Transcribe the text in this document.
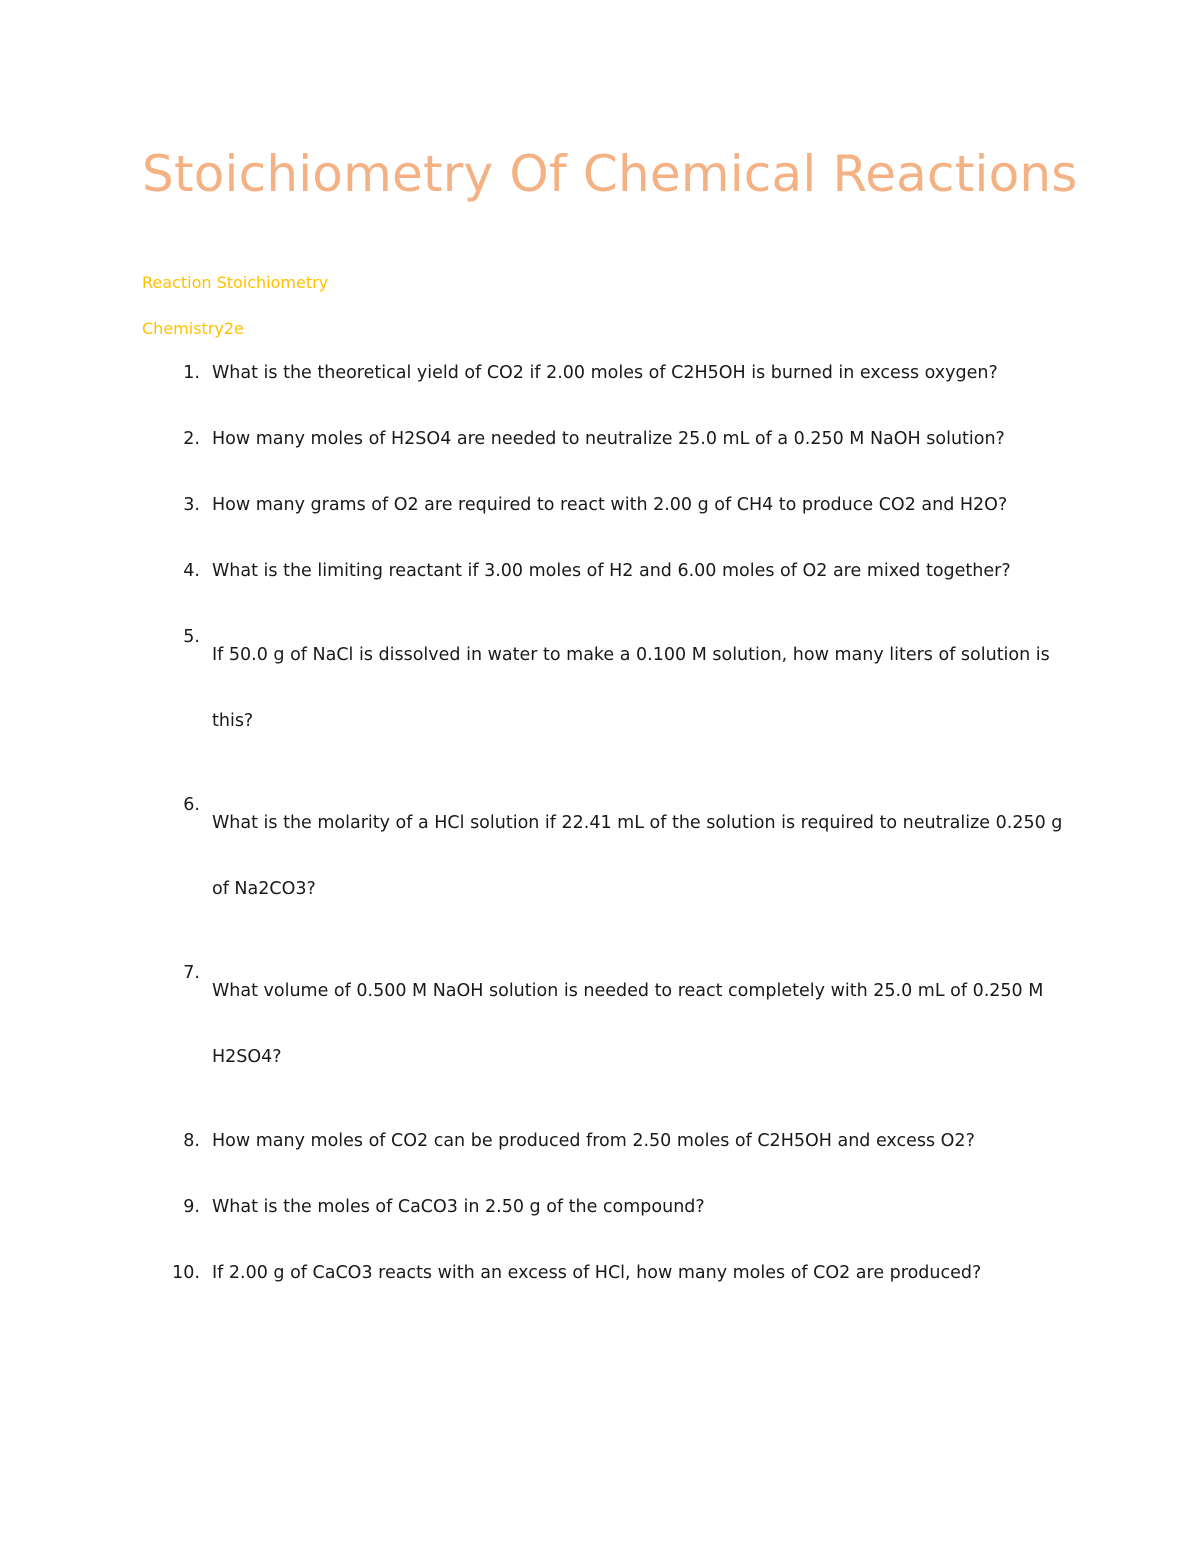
Stoichiometry Of Chemical Reactions

Reaction Stoichiometry

Chemistry2e

1. What is the theoretical yield of CO2 if 2.00 moles of C2H5OH is burned in excess oxygen?
2. How many moles of H2SO4 are needed to neutralize 25.0 mL of a 0.250 M NaOH solution?
3. How many grams of O2 are required to react with 2.00 g of CH4 to produce CO2 and H2O?
4. What is the limiting reactant if 3.00 moles of H2 and 6.00 moles of O2 are mixed together?
5.
If 50.0 g of NaCl is dissolved in water to make a 0.100 M solution, how many liters of solution is this?
6.
What is the molarity of a HCl solution if 22.41 mL of the solution is required to neutralize 0.250 g of Na2CO3?
7.
What volume of 0.500 M NaOH solution is needed to react completely with 25.0 mL of 0.250 M H2SO4?
8. How many moles of CO2 can be produced from 2.50 moles of C2H5OH and excess O2?
9. What is the moles of CaCO3 in 2.50 g of the compound?
10. If 2.00 g of CaCO3 reacts with an excess of HCl, how many moles of CO2 are produced?
